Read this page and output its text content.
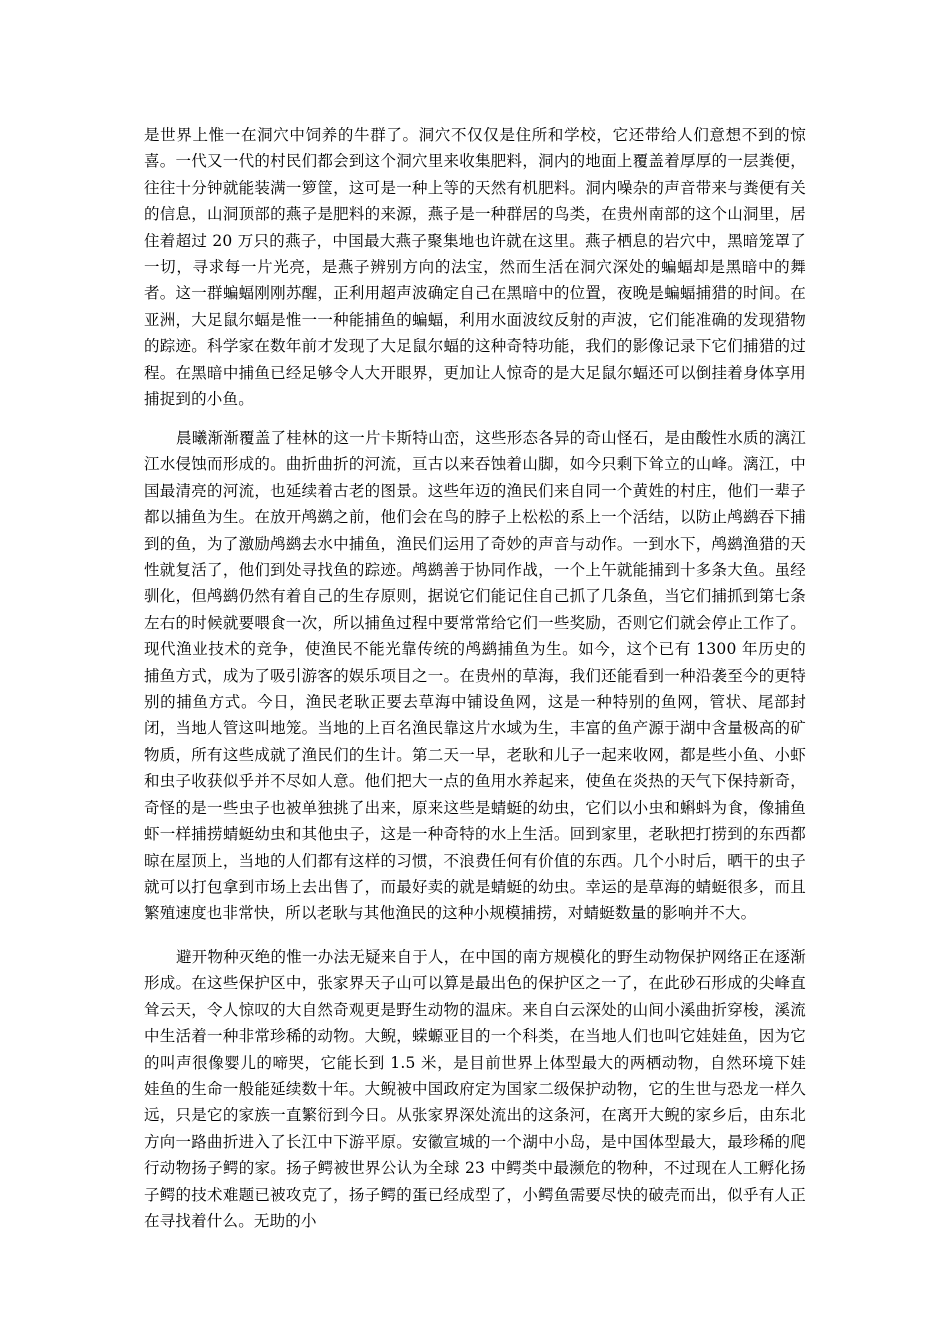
是世界上惟一在洞穴中饲养的牛群了。洞穴不仅仅是住所和学校，它还带给人们意想不到的惊喜。一代又一代的村民们都会到这个洞穴里来收集肥料，洞内的地面上覆盖着厚厚的一层粪便，往往十分钟就能装满一箩筐，这可是一种上等的天然有机肥料。洞内噪杂的声音带来与粪便有关的信息，山洞顶部的燕子是肥料的来源，燕子是一种群居的鸟类，在贵州南部的这个山洞里，居住着超过 20 万只的燕子，中国最大燕子聚集地也许就在这里。燕子栖息的岩穴中，黑暗笼罩了一切，寻求每一片光亮，是燕子辨别方向的法宝，然而生活在洞穴深处的蝙蝠却是黑暗中的舞者。这一群蝙蝠刚刚苏醒，正利用超声波确定自己在黑暗中的位置，夜晚是蝙蝠捕猎的时间。在亚洲，大足鼠尔蝠是惟一一种能捕鱼的蝙蝠，利用水面波纹反射的声波，它们能准确的发现猎物的踪迹。科学家在数年前才发现了大足鼠尔蝠的这种奇特功能，我们的影像记录下它们捕猎的过程。在黑暗中捕鱼已经足够令人大开眼界，更加让人惊奇的是大足鼠尔蝠还可以倒挂着身体享用捕捉到的小鱼。
晨曦渐渐覆盖了桂林的这一片卡斯特山峦，这些形态各异的奇山怪石，是由酸性水质的漓江江水侵蚀而形成的。曲折曲折的河流，亘古以来吞蚀着山脚，如今只剩下耸立的山峰。漓江，中国最清亮的河流，也延续着古老的图景。这些年迈的渔民们来自同一个黄姓的村庄，他们一辈子都以捕鱼为生。在放开鸬鹚之前，他们会在鸟的脖子上松松的系上一个活结，以防止鸬鹚吞下捕到的鱼，为了激励鸬鹚去水中捕鱼，渔民们运用了奇妙的声音与动作。一到水下，鸬鹚渔猎的天性就复活了，他们到处寻找鱼的踪迹。鸬鹚善于协同作战，一个上午就能捕到十多条大鱼。虽经驯化，但鸬鹚仍然有着自己的生存原则，据说它们能记住自己抓了几条鱼，当它们捕抓到第七条左右的时候就要喂食一次，所以捕鱼过程中要常常给它们一些奖励，否则它们就会停止工作了。现代渔业技术的竞争，使渔民不能光靠传统的鸬鹚捕鱼为生。如今，这个已有 1300 年历史的捕鱼方式，成为了吸引游客的娱乐项目之一。在贵州的草海，我们还能看到一种沿袭至今的更特别的捕鱼方式。今日，渔民老耿正要去草海中铺设鱼网，这是一种特别的鱼网，管状、尾部封闭，当地人管这叫地笼。当地的上百名渔民靠这片水域为生，丰富的鱼产源于湖中含量极高的矿物质，所有这些成就了渔民们的生计。第二天一早，老耿和儿子一起来收网，都是些小鱼、小虾和虫子收获似乎并不尽如人意。他们把大一点的鱼用水养起来，使鱼在炎热的天气下保持新奇，奇怪的是一些虫子也被单独挑了出来，原来这些是蜻蜓的幼虫，它们以小虫和蝌蚪为食，像捕鱼虾一样捕捞蜻蜓幼虫和其他虫子，这是一种奇特的水上生活。回到家里，老耿把打捞到的东西都晾在屋顶上，当地的人们都有这样的习惯，不浪费任何有价值的东西。几个小时后，晒干的虫子就可以打包拿到市场上去出售了，而最好卖的就是蜻蜓的幼虫。幸运的是草海的蜻蜓很多，而且繁殖速度也非常快，所以老耿与其他渔民的这种小规模捕捞，对蜻蜓数量的影响并不大。
避开物种灭绝的惟一办法无疑来自于人，在中国的南方规模化的野生动物保护网络正在逐渐形成。在这些保护区中，张家界天子山可以算是最出色的保护区之一了，在此砂石形成的尖峰直耸云天，令人惊叹的大自然奇观更是野生动物的温床。来自白云深处的山间小溪曲折穿梭，溪流中生活着一种非常珍稀的动物。大鲵，蝾螈亚目的一个科类，在当地人们也叫它娃娃鱼，因为它的叫声很像婴儿的啼哭，它能长到 1.5 米，是目前世界上体型最大的两栖动物，自然环境下娃娃鱼的生命一般能延续数十年。大鲵被中国政府定为国家二级保护动物，它的生世与恐龙一样久远，只是它的家族一直繁衍到今日。从张家界深处流出的这条河，在离开大鲵的家乡后，由东北方向一路曲折进入了长江中下游平原。安徽宣城的一个湖中小岛，是中国体型最大，最珍稀的爬行动物扬子鳄的家。扬子鳄被世界公认为全球 23 中鳄类中最濒危的物种，不过现在人工孵化扬子鳄的技术难题已被攻克了，扬子鳄的蛋已经成型了，小鳄鱼需要尽快的破壳而出，似乎有人正在寻找着什么。无助的小
